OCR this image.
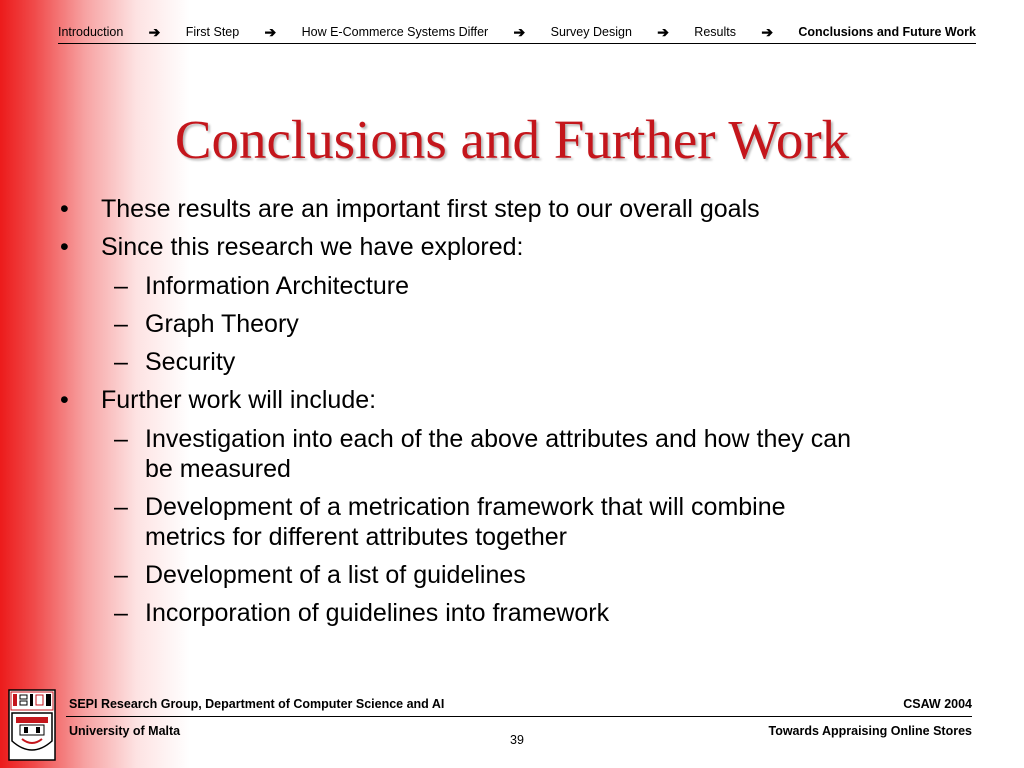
Introduction ➔ First Step ➔ How E-Commerce Systems Differ ➔ Survey Design ➔ Results ➔ Conclusions and Future Work
Conclusions and Further Work
• These results are an important first step to our overall goals
• Since this research we have explored:
– Information Architecture
– Graph Theory
– Security
• Further work will include:
– Investigation into each of the above attributes and how they can
be measured
– Development of a metrication framework that will combine
metrics for different attributes together
– Development of a list of guidelines
– Incorporation of guidelines into framework
SEPI Research Group, Department of Computer Science and AI	CSAW 2004
University of Malta	Towards Appraising Online Stores
39
